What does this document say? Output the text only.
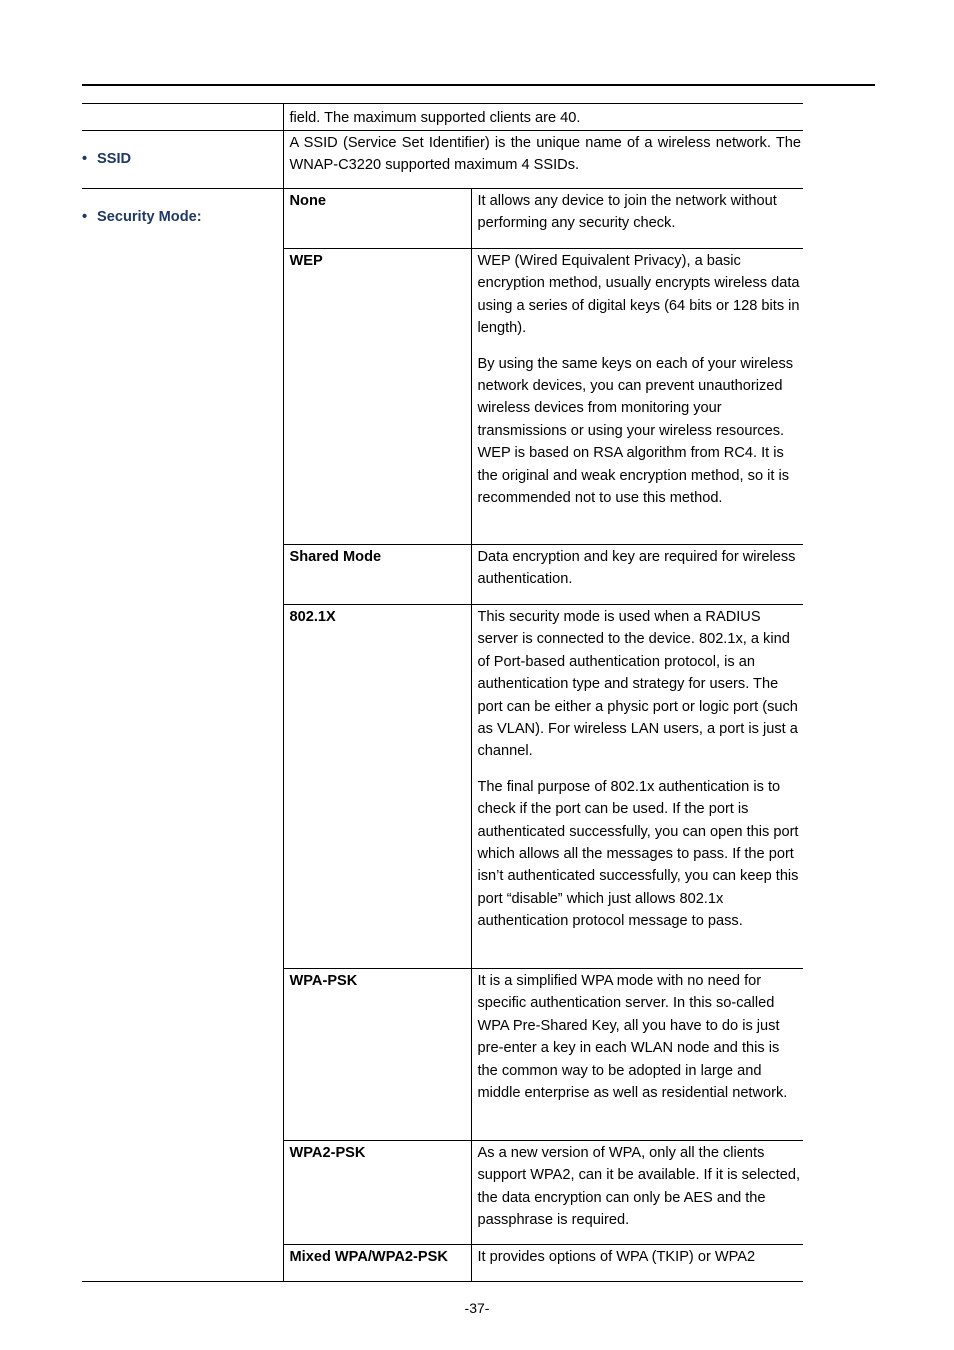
	field. The maximum supported clients are 40.	
• SSID	A SSID (Service Set Identifier) is the unique name of a wireless network. The WNAP-C3220 supported maximum 4 SSIDs.	
• Security Mode:	None	It allows any device to join the network without performing any security check.

	WEP	WEP (Wired Equivalent Privacy), a basic encryption method, usually encrypts wireless data using a series of digital keys (64 bits or 128 bits in length).

By using the same keys on each of your wireless network devices, you can prevent unauthorized wireless devices from monitoring your transmissions or using your wireless resources. WEP is based on RSA algorithm from RC4. It is the original and weak encryption method, so it is recommended not to use this method.

	Shared Mode	Data encryption and key are required for wireless authentication.

	802.1X	This security mode is used when a RADIUS server is connected to the device. 802.1x, a kind of Port-based authentication protocol, is an authentication type and strategy for users. The port can be either a physic port or logic port (such as VLAN). For wireless LAN users, a port is just a channel.

The final purpose of 802.1x authentication is to check if the port can be used. If the port is authenticated successfully, you can open this port which allows all the messages to pass. If the port isn’t authenticated successfully, you can keep this port “disable” which just allows 802.1x authentication protocol message to pass.

	WPA-PSK	It is a simplified WPA mode with no need for specific authentication server. In this so-called WPA Pre-Shared Key, all you have to do is just pre-enter a key in each WLAN node and this is the common way to be adopted in large and middle enterprise as well as residential network.

	WPA2-PSK	As a new version of WPA, only all the clients support WPA2, can it be available. If it is selected, the data encryption can only be AES and the passphrase is required.

	Mixed WPA/WPA2-PSK	It provides options of WPA (TKIP) or WPA2

-37-
